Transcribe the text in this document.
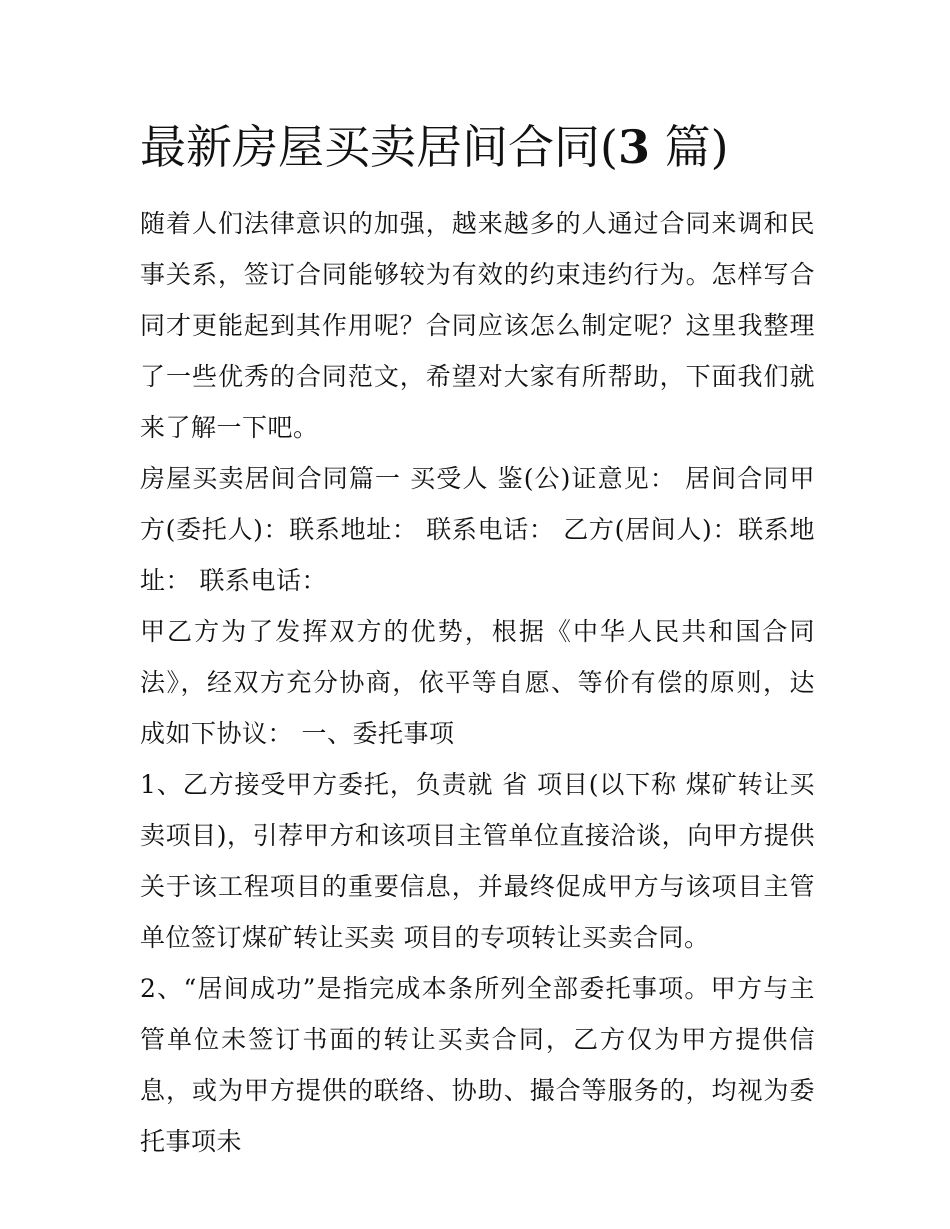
最新房屋买卖居间合同(3 篇)

随着人们法律意识的加强，越来越多的人通过合同来调和民事关系，签订合同能够较为有效的约束违约行为。怎样写合同才更能起到其作用呢？合同应该怎么制定呢？这里我整理了一些优秀的合同范文，希望对大家有所帮助，下面我们就来了解一下吧。

房屋买卖居间合同篇一 买受人 鉴(公)证意见： 居间合同甲方(委托人)：联系地址： 联系电话： 乙方(居间人)：联系地址： 联系电话：

甲乙方为了发挥双方的优势，根据《中华人民共和国合同法》，经双方充分协商，依平等自愿、等价有偿的原则，达成如下协议： 一、委托事项

1、乙方接受甲方委托，负责就 省 项目(以下称 煤矿转让买卖项目)，引荐甲方和该项目主管单位直接洽谈，向甲方提供关于该工程项目的重要信息，并最终促成甲方与该项目主管单位签订煤矿转让买卖 项目的专项转让买卖合同。

2、“居间成功”是指完成本条所列全部委托事项。甲方与主管单位未签订书面的转让买卖合同，乙方仅为甲方提供信息，或为甲方提供的联络、协助、撮合等服务的，均视为委托事项未
